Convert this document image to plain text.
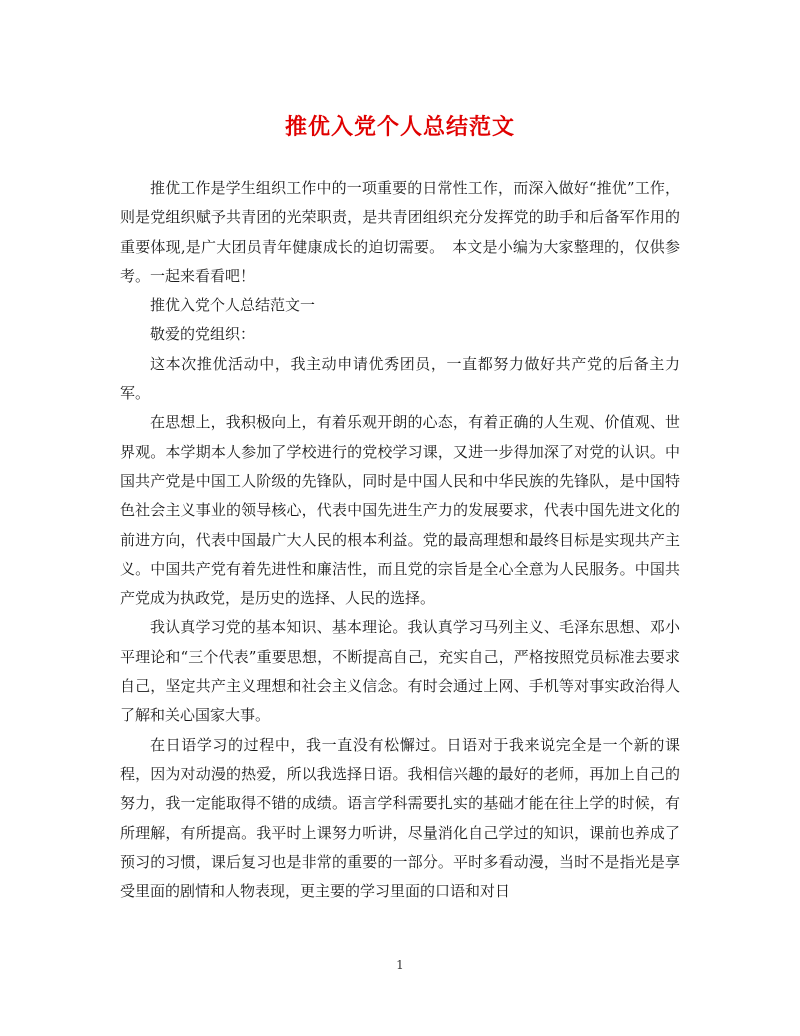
推优入党个人总结范文

推优工作是学生组织工作中的一项重要的日常性工作，而深入做好“推优”工作，则是党组织赋予共青团的光荣职责，是共青团组织充分发挥党的助手和后备军作用的重要体现,是广大团员青年健康成长的迫切需要。　本文是小编为大家整理的，仅供参考。一起来看看吧！

推优入党个人总结范文一

敬爱的党组织：

这本次推优活动中，我主动申请优秀团员，一直都努力做好共产党的后备主力军。

在思想上，我积极向上，有着乐观开朗的心态，有着正确的人生观、价值观、世界观。本学期本人参加了学校进行的党校学习课，又进一步得加深了对党的认识。中国共产党是中国工人阶级的先锋队，同时是中国人民和中华民族的先锋队，是中国特色社会主义事业的领导核心，代表中国先进生产力的发展要求，代表中国先进文化的前进方向，代表中国最广大人民的根本利益。党的最高理想和最终目标是实现共产主义。中国共产党有着先进性和廉洁性，而且党的宗旨是全心全意为人民服务。中国共产党成为执政党，是历史的选择、人民的选择。

我认真学习党的基本知识、基本理论。我认真学习马列主义、毛泽东思想、邓小平理论和“三个代表”重要思想，不断提高自己，充实自己，严格按照党员标准去要求自己，坚定共产主义理想和社会主义信念。有时会通过上网、手机等对事实政治得人了解和关心国家大事。

在日语学习的过程中，我一直没有松懈过。日语对于我来说完全是一个新的课程，因为对动漫的热爱，所以我选择日语。我相信兴趣的最好的老师，再加上自己的努力，我一定能取得不错的成绩。语言学科需要扎实的基础才能在往上学的时候，有所理解，有所提高。我平时上课努力听讲，尽量消化自己学过的知识，课前也养成了预习的习惯，课后复习也是非常的重要的一部分。平时多看动漫，当时不是指光是享受里面的剧情和人物表现，更主要的学习里面的口语和对日

1
